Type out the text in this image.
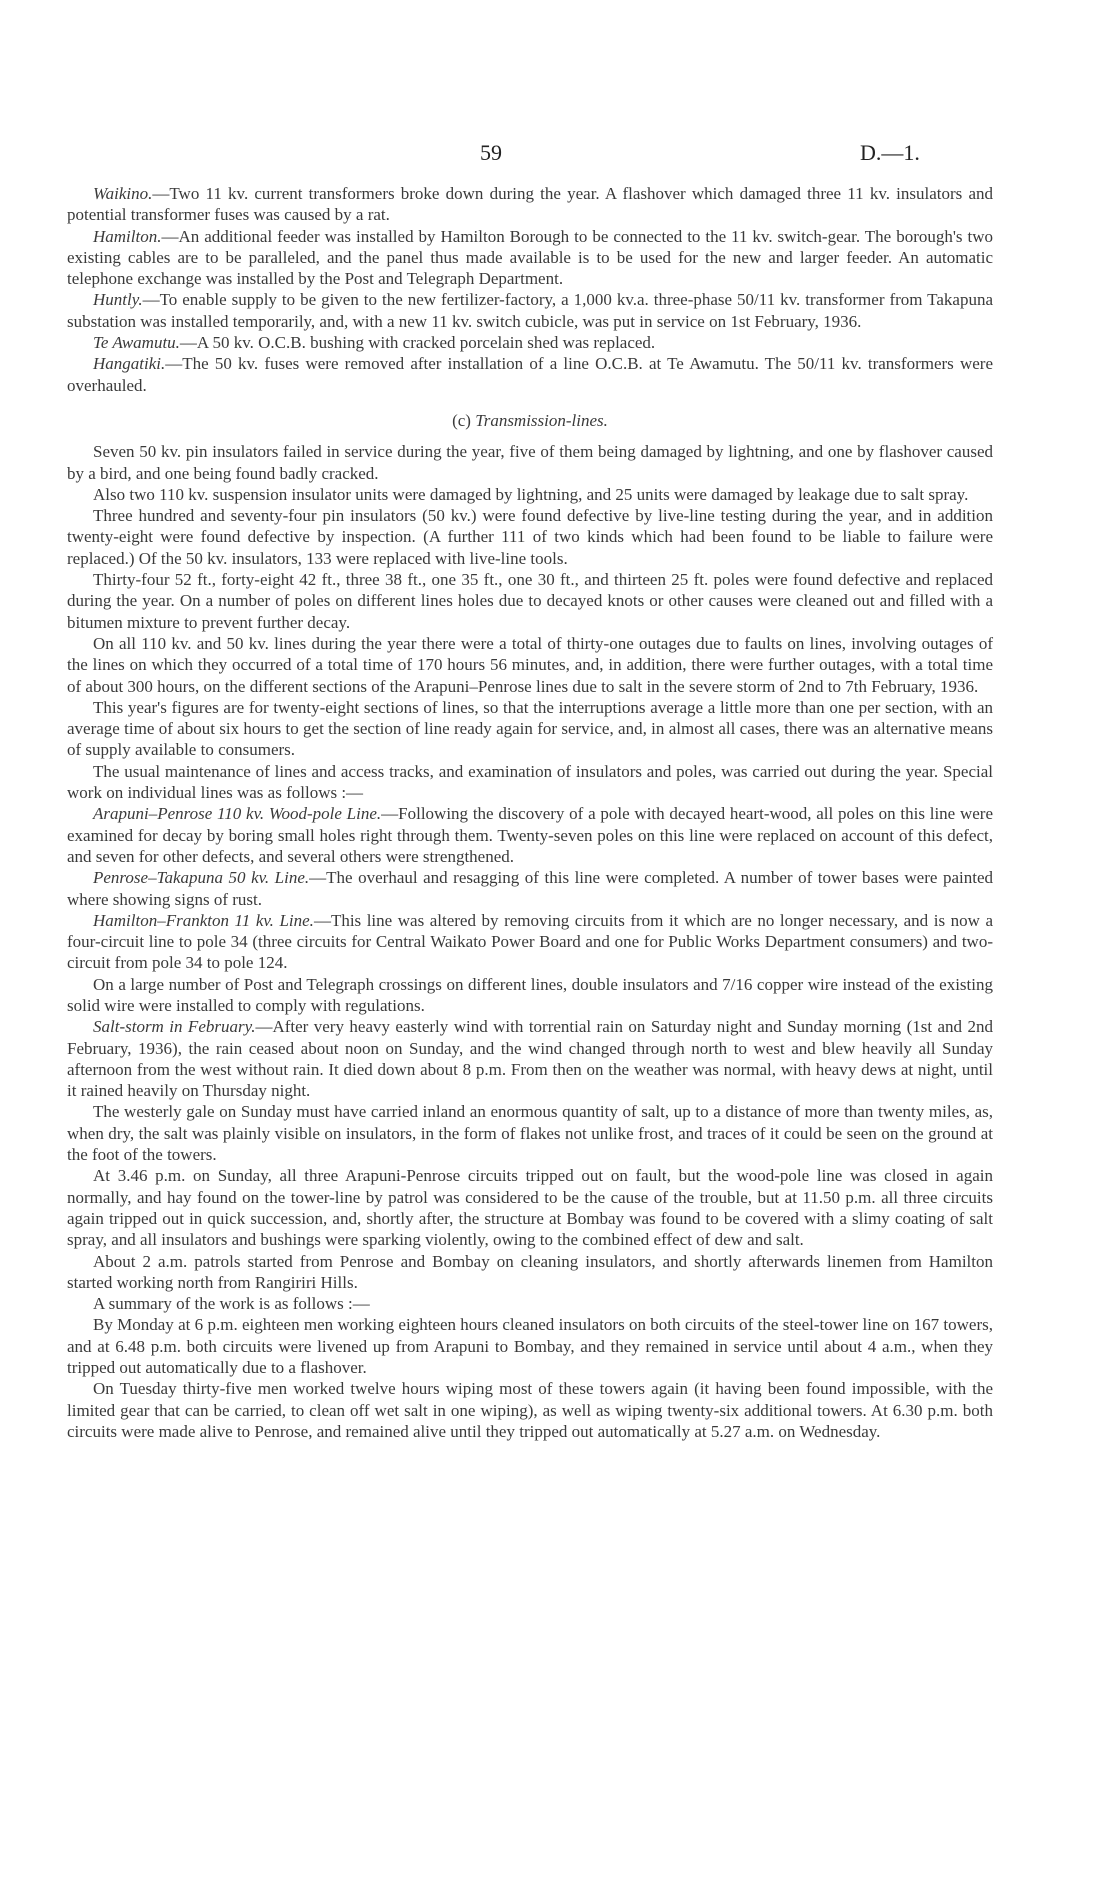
59	D.—1.

Waikino.—Two 11 kv. current transformers broke down during the year. A flashover which damaged three 11 kv. insulators and potential transformer fuses was caused by a rat.

Hamilton.—An additional feeder was installed by Hamilton Borough to be connected to the 11 kv. switch-gear. The borough's two existing cables are to be paralleled, and the panel thus made available is to be used for the new and larger feeder. An automatic telephone exchange was installed by the Post and Telegraph Department.

Huntly.—To enable supply to be given to the new fertilizer-factory, a 1,000 kv.a. three-phase 50/11 kv. transformer from Takapuna substation was installed temporarily, and, with a new 11 kv. switch cubicle, was put in service on 1st February, 1936.

Te Awamutu.—A 50 kv. O.C.B. bushing with cracked porcelain shed was replaced.

Hangatiki.—The 50 kv. fuses were removed after installation of a line O.C.B. at Te Awamutu. The 50/11 kv. transformers were overhauled.

(c) Transmission-lines.

Seven 50 kv. pin insulators failed in service during the year, five of them being damaged by lightning, and one by flashover caused by a bird, and one being found badly cracked.

Also two 110 kv. suspension insulator units were damaged by lightning, and 25 units were damaged by leakage due to salt spray.

Three hundred and seventy-four pin insulators (50 kv.) were found defective by live-line testing during the year, and in addition twenty-eight were found defective by inspection. (A further 111 of two kinds which had been found to be liable to failure were replaced.) Of the 50 kv. insulators, 133 were replaced with live-line tools.

Thirty-four 52 ft., forty-eight 42 ft., three 38 ft., one 35 ft., one 30 ft., and thirteen 25 ft. poles were found defective and replaced during the year. On a number of poles on different lines holes due to decayed knots or other causes were cleaned out and filled with a bitumen mixture to prevent further decay.

On all 110 kv. and 50 kv. lines during the year there were a total of thirty-one outages due to faults on lines, involving outages of the lines on which they occurred of a total time of 170 hours 56 minutes, and, in addition, there were further outages, with a total time of about 300 hours, on the different sections of the Arapuni–Penrose lines due to salt in the severe storm of 2nd to 7th February, 1936.

This year's figures are for twenty-eight sections of lines, so that the interruptions average a little more than one per section, with an average time of about six hours to get the section of line ready again for service, and, in almost all cases, there was an alternative means of supply available to consumers.

The usual maintenance of lines and access tracks, and examination of insulators and poles, was carried out during the year. Special work on individual lines was as follows :—

Arapuni–Penrose 110 kv. Wood-pole Line.—Following the discovery of a pole with decayed heart-wood, all poles on this line were examined for decay by boring small holes right through them. Twenty-seven poles on this line were replaced on account of this defect, and seven for other defects, and several others were strengthened.

Penrose–Takapuna 50 kv. Line.—The overhaul and resagging of this line were completed. A number of tower bases were painted where showing signs of rust.

Hamilton–Frankton 11 kv. Line.—This line was altered by removing circuits from it which are no longer necessary, and is now a four-circuit line to pole 34 (three circuits for Central Waikato Power Board and one for Public Works Department consumers) and two-circuit from pole 34 to pole 124.

On a large number of Post and Telegraph crossings on different lines, double insulators and 7/16 copper wire instead of the existing solid wire were installed to comply with regulations.

Salt-storm in February.—After very heavy easterly wind with torrential rain on Saturday night and Sunday morning (1st and 2nd February, 1936), the rain ceased about noon on Sunday, and the wind changed through north to west and blew heavily all Sunday afternoon from the west without rain. It died down about 8 p.m. From then on the weather was normal, with heavy dews at night, until it rained heavily on Thursday night.

The westerly gale on Sunday must have carried inland an enormous quantity of salt, up to a distance of more than twenty miles, as, when dry, the salt was plainly visible on insulators, in the form of flakes not unlike frost, and traces of it could be seen on the ground at the foot of the towers.

At 3.46 p.m. on Sunday, all three Arapuni-Penrose circuits tripped out on fault, but the wood-pole line was closed in again normally, and hay found on the tower-line by patrol was considered to be the cause of the trouble, but at 11.50 p.m. all three circuits again tripped out in quick succession, and, shortly after, the structure at Bombay was found to be covered with a slimy coating of salt spray, and all insulators and bushings were sparking violently, owing to the combined effect of dew and salt.

About 2 a.m. patrols started from Penrose and Bombay on cleaning insulators, and shortly afterwards linemen from Hamilton started working north from Rangiriri Hills.

A summary of the work is as follows :—

By Monday at 6 p.m. eighteen men working eighteen hours cleaned insulators on both circuits of the steel-tower line on 167 towers, and at 6.48 p.m. both circuits were livened up from Arapuni to Bombay, and they remained in service until about 4 a.m., when they tripped out automatically due to a flashover.

On Tuesday thirty-five men worked twelve hours wiping most of these towers again (it having been found impossible, with the limited gear that can be carried, to clean off wet salt in one wiping), as well as wiping twenty-six additional towers. At 6.30 p.m. both circuits were made alive to Penrose, and remained alive until they tripped out automatically at 5.27 a.m. on Wednesday.
